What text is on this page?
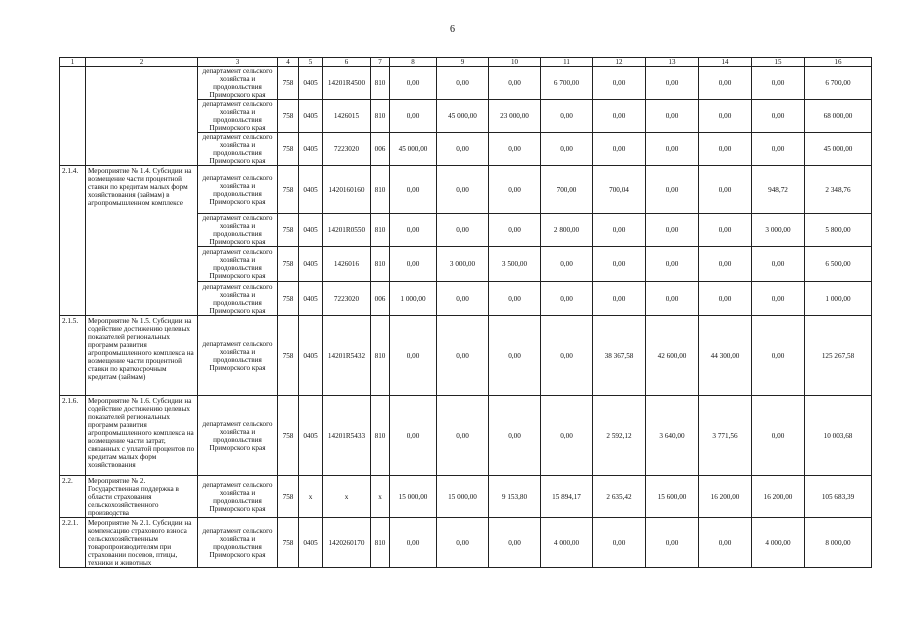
6
1	2	3	4	5	6	7	8	9	10	11	12	13	14	15	16
		департамент сельского хозяйства и продовольствия Приморского края	758	0405	14201R4500	810	0,00	0,00	0,00	6 700,00	0,00	0,00	0,00	0,00	6 700,00
		департамент сельского хозяйства и продовольствия Приморского края	758	0405	1426015	810	0,00	45 000,00	23 000,00	0,00	0,00	0,00	0,00	0,00	68 000,00
		департамент сельского хозяйства и продовольствия Приморского края	758	0405	7223020	006	45 000,00	0,00	0,00	0,00	0,00	0,00	0,00	0,00	45 000,00
2.1.4.	Мероприятие № 1.4. Субсидии на возмещение части процентной ставки по кредитам малых форм хозяйствования (займам) в агропромышленном комплексе	департамент сельского хозяйства и продовольствия Приморского края	758	0405	1420160160	810	0,00	0,00	0,00	700,00	700,04	0,00	0,00	948,72	2 348,76
		департамент сельского хозяйства и продовольствия Приморского края	758	0405	14201R0550	810	0,00	0,00	0,00	2 800,00	0,00	0,00	0,00	3 000,00	5 800,00
		департамент сельского хозяйства и продовольствия Приморского края	758	0405	1426016	810	0,00	3 000,00	3 500,00	0,00	0,00	0,00	0,00	0,00	6 500,00
		департамент сельского хозяйства и продовольствия Приморского края	758	0405	7223020	006	1 000,00	0,00	0,00	0,00	0,00	0,00	0,00	0,00	1 000,00
2.1.5.	Мероприятие № 1.5. Субсидии на содействие достижению целевых показателей региональных программ развития агропромышленного комплекса на возмещение части процентной ставки по краткосрочным кредитам (займам)	департамент сельского хозяйства и продовольствия Приморского края	758	0405	14201R5432	810	0,00	0,00	0,00	0,00	38 367,58	42 600,00	44 300,00	0,00	125 267,58
2.1.6.	Мероприятие № 1.6. Субсидии на содействие достижению целевых показателей региональных программ развития агропромышленного комплекса на возмещение части затрат, связанных с уплатой процентов по кредитам малых форм хозяйствования	департамент сельского хозяйства и продовольствия Приморского края	758	0405	14201R5433	810	0,00	0,00	0,00	0,00	2 592,12	3 640,00	3 771,56	0,00	10 003,68
2.2.	Мероприятие № 2. Государственная поддержка в области страхования сельскохозяйственного производства	департамент сельского хозяйства и продовольствия Приморского края	758	x	x	x	15 000,00	15 000,00	9 153,80	15 894,17	2 635,42	15 600,00	16 200,00	16 200,00	105 683,39
2.2.1.	Мероприятие № 2.1. Субсидии на компенсацию страхового взноса сельскохозяйственным товаропроизводителям при страховании посевов, птицы, техники и животных	департамент сельского хозяйства и продовольствия Приморского края	758	0405	1420260170	810	0,00	0,00	0,00	4 000,00	0,00	0,00	0,00	4 000,00	8 000,00
